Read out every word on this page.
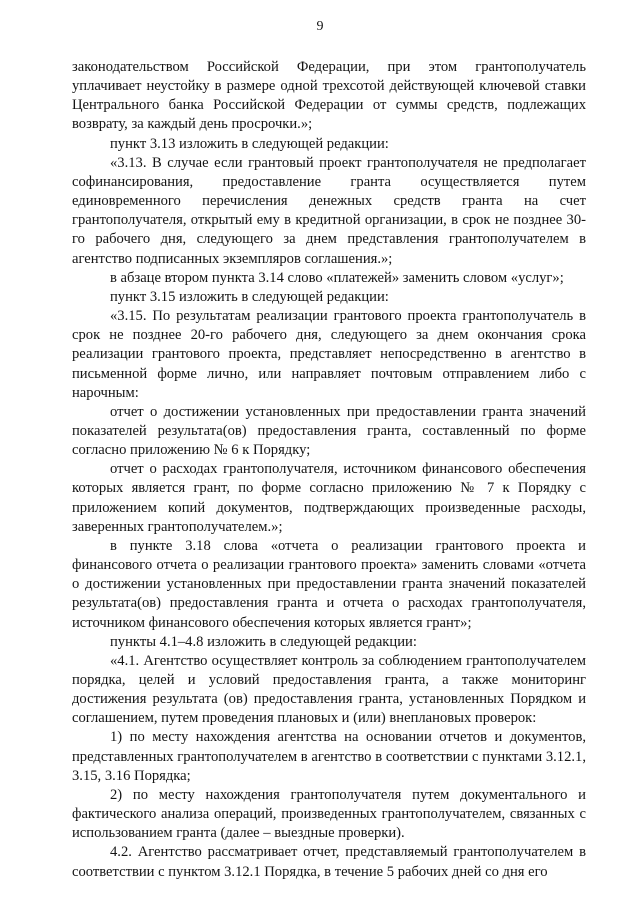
9

законодательством Российской Федерации, при этом грантополучатель уплачивает неустойку в размере одной трехсотой действующей ключевой ставки Центрального банка Российской Федерации от суммы средств, подлежащих возврату, за каждый день просрочки.»;

пункт 3.13 изложить в следующей редакции:

«3.13. В случае если грантовый проект грантополучателя не предполагает софинансирования, предоставление гранта осуществляется путем единовременного перечисления денежных средств гранта на счет грантополучателя, открытый ему в кредитной организации, в срок не позднее 30-го рабочего дня, следующего за днем представления грантополучателем в агентство подписанных экземпляров соглашения.»;

в абзаце втором пункта 3.14 слово «платежей» заменить словом «услуг»;

пункт 3.15 изложить в следующей редакции:

«3.15. По результатам реализации грантового проекта грантополучатель в срок не позднее 20-го рабочего дня, следующего за днем окончания срока реализации грантового проекта, представляет непосредственно в агентство в письменной форме лично, или направляет почтовым отправлением либо с нарочным:

отчет о достижении установленных при предоставлении гранта значений показателей результата(ов) предоставления гранта, составленный по форме согласно приложению № 6 к Порядку;

отчет о расходах грантополучателя, источником финансового обеспечения которых является грант, по форме согласно приложению № 7 к Порядку с приложением копий документов, подтверждающих произведенные расходы, заверенных грантополучателем.»;

в пункте 3.18 слова «отчета о реализации грантового проекта и финансового отчета о реализации грантового проекта» заменить словами «отчета о достижении установленных при предоставлении гранта значений показателей результата(ов) предоставления гранта и отчета о расходах грантополучателя, источником финансового обеспечения которых является грант»;

пункты 4.1–4.8 изложить в следующей редакции:

«4.1. Агентство осуществляет контроль за соблюдением грантополучателем порядка, целей и условий предоставления гранта, а также мониторинг достижения результата (ов) предоставления гранта, установленных Порядком и соглашением, путем проведения плановых и (или) внеплановых проверок:

1) по месту нахождения агентства на основании отчетов и документов, представленных грантополучателем в агентство в соответствии с пунктами 3.12.1, 3.15, 3.16 Порядка;

2) по месту нахождения грантополучателя путем документального и фактического анализа операций, произведенных грантополучателем, связанных с использованием гранта (далее – выездные проверки).

4.2. Агентство рассматривает отчет, представляемый грантополучателем в соответствии с пунктом 3.12.1 Порядка, в течение 5 рабочих дней со дня его
